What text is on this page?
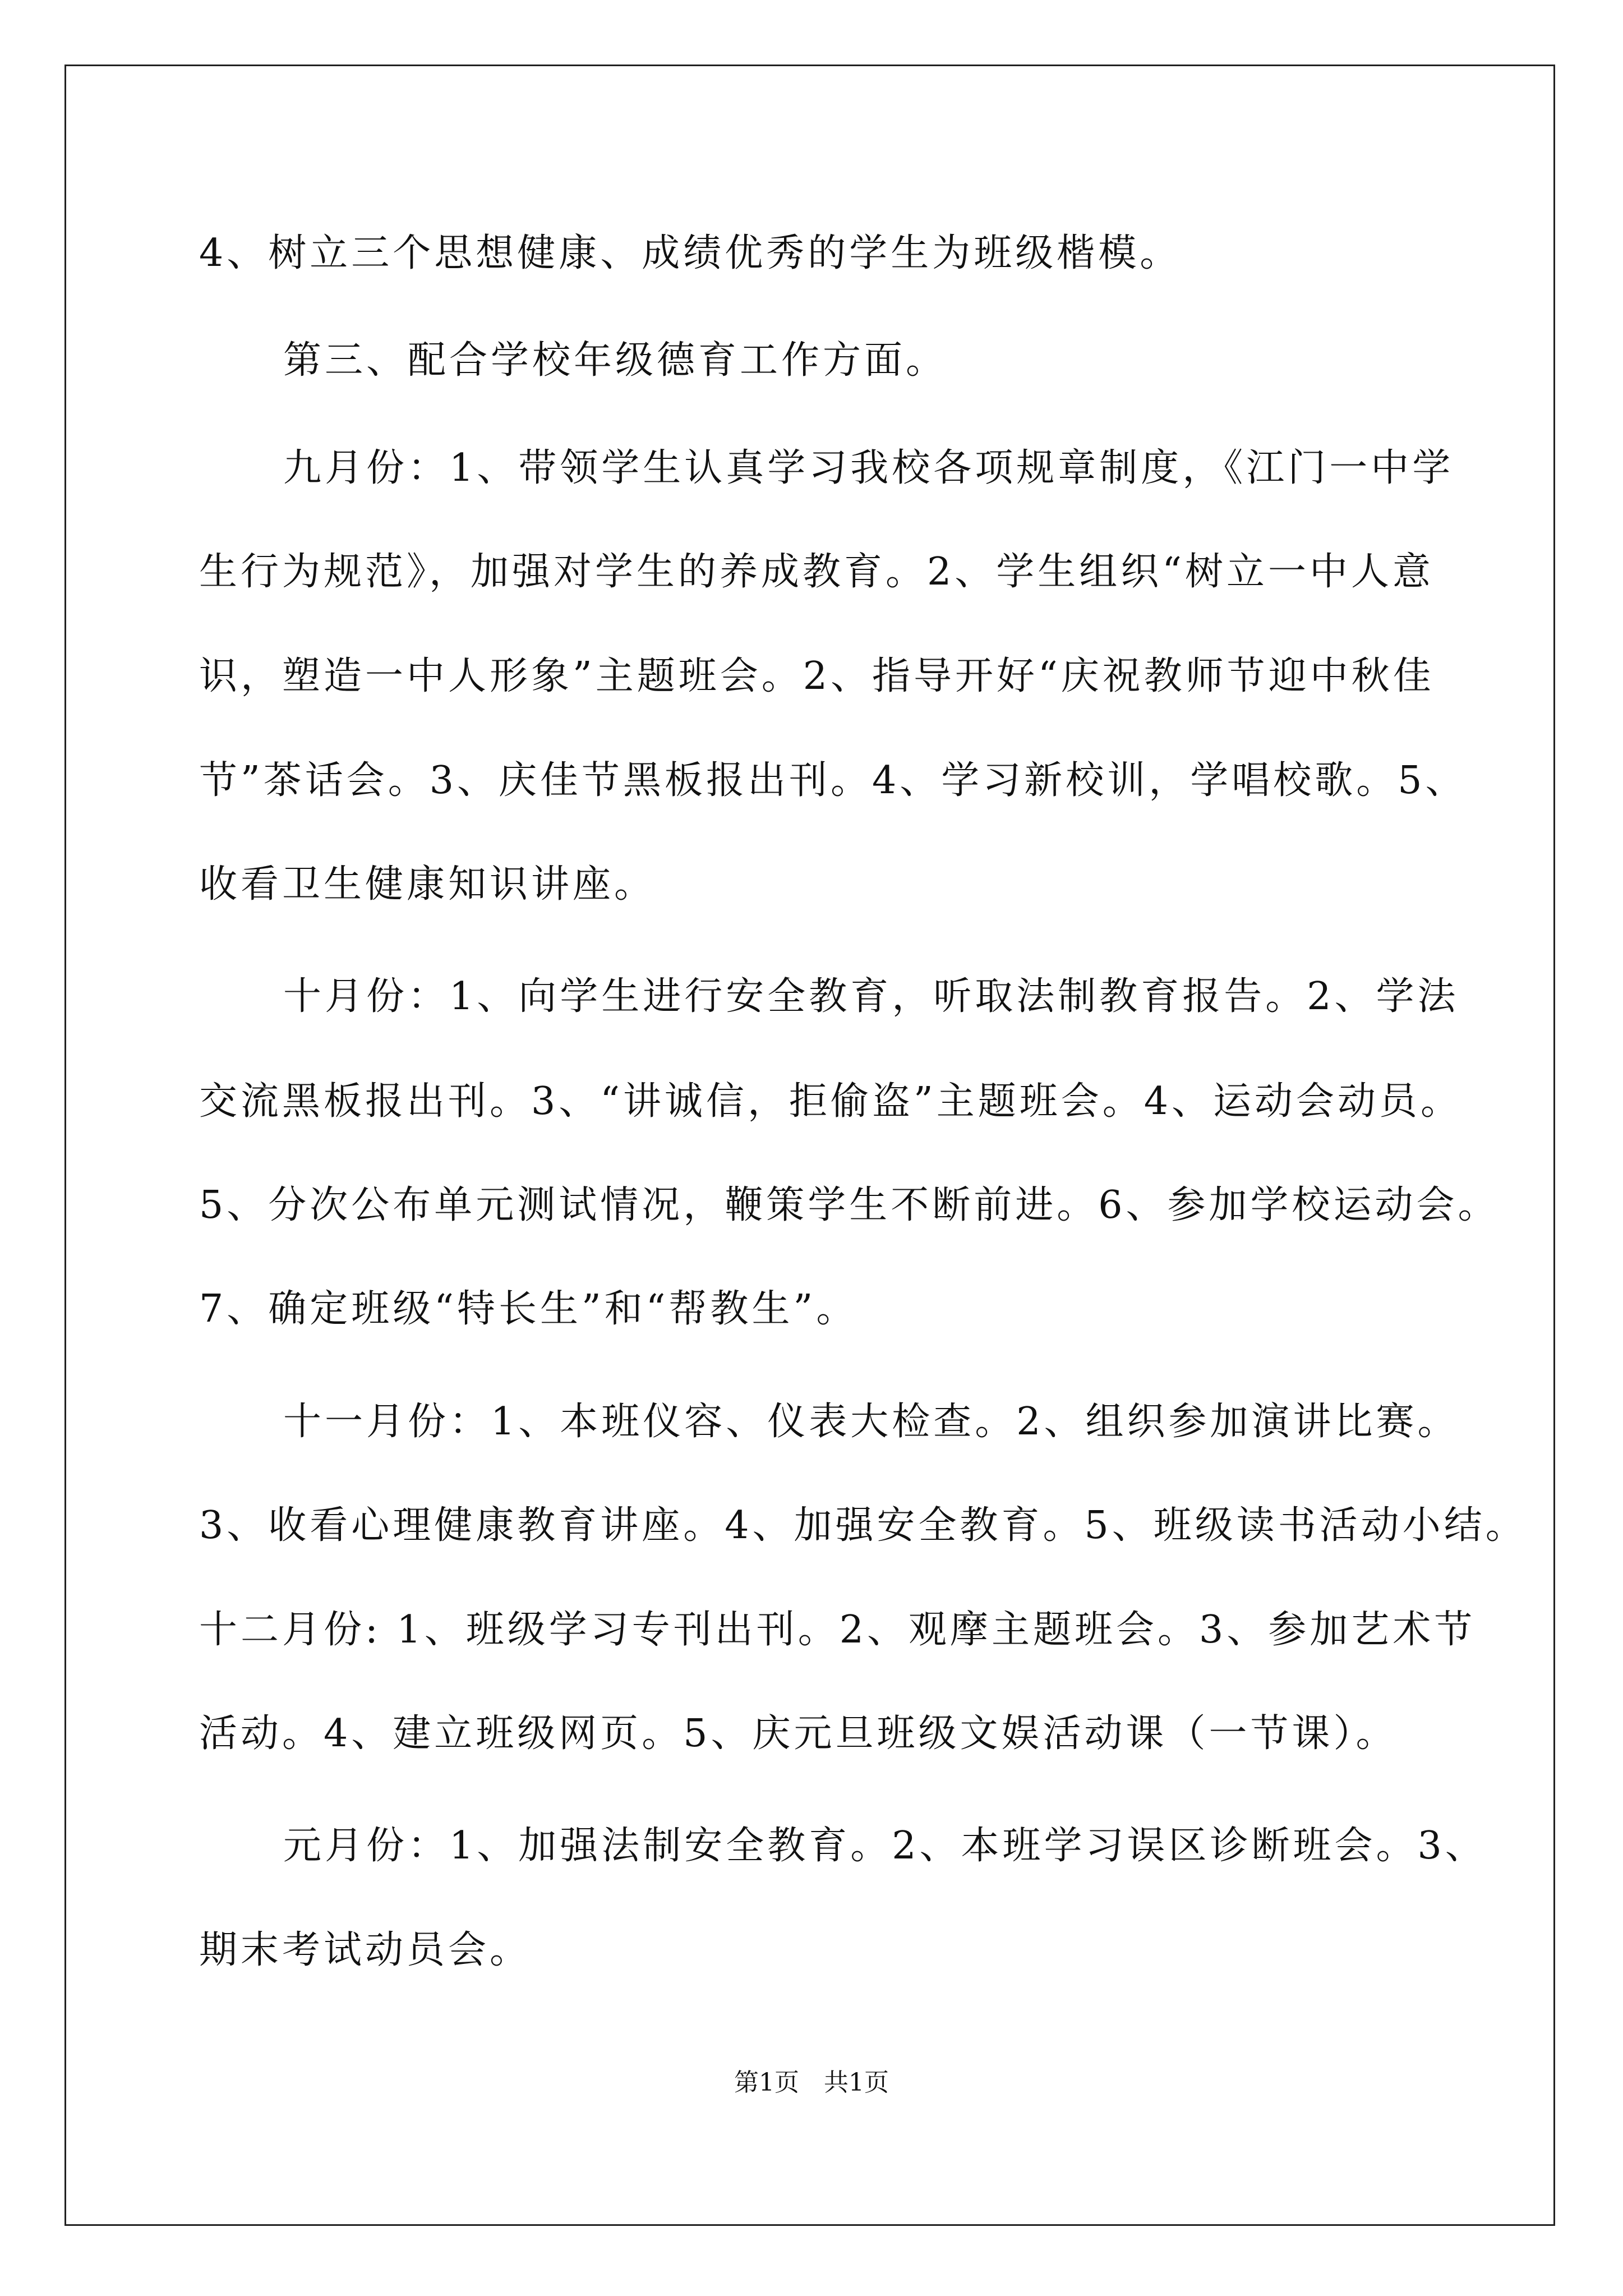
4、树立三个思想健康、成绩优秀的学生为班级楷模。
第三、配合学校年级德育工作方面。
九月份：1、带领学生认真学习我校各项规章制度，《江门一中学
生行为规范》，加强对学生的养成教育。2、学生组织“树立一中人意
识，塑造一中人形象”主题班会。2、指导开好“庆祝教师节迎中秋佳
节”茶话会。3、庆佳节黑板报出刊。4、学习新校训，学唱校歌。5、
收看卫生健康知识讲座。
十月份：1、向学生进行安全教育，听取法制教育报告。2、学法
交流黑板报出刊。3、“讲诚信，拒偷盗”主题班会。4、运动会动员。
5、分次公布单元测试情况，鞭策学生不断前进。6、参加学校运动会。
7、确定班级“特长生”和“帮教生”。
十一月份：1、本班仪容、仪表大检查。2、组织参加演讲比赛。
3、收看心理健康教育讲座。4、加强安全教育。5、班级读书活动小结。
十二月份: 1、班级学习专刊出刊。2、观摩主题班会。3、参加艺术节
活动。4、建立班级网页。5、庆元旦班级文娱活动课（一节课）。
元月份：1、加强法制安全教育。2、本班学习误区诊断班会。3、
期末考试动员会。
第1页　共1页
